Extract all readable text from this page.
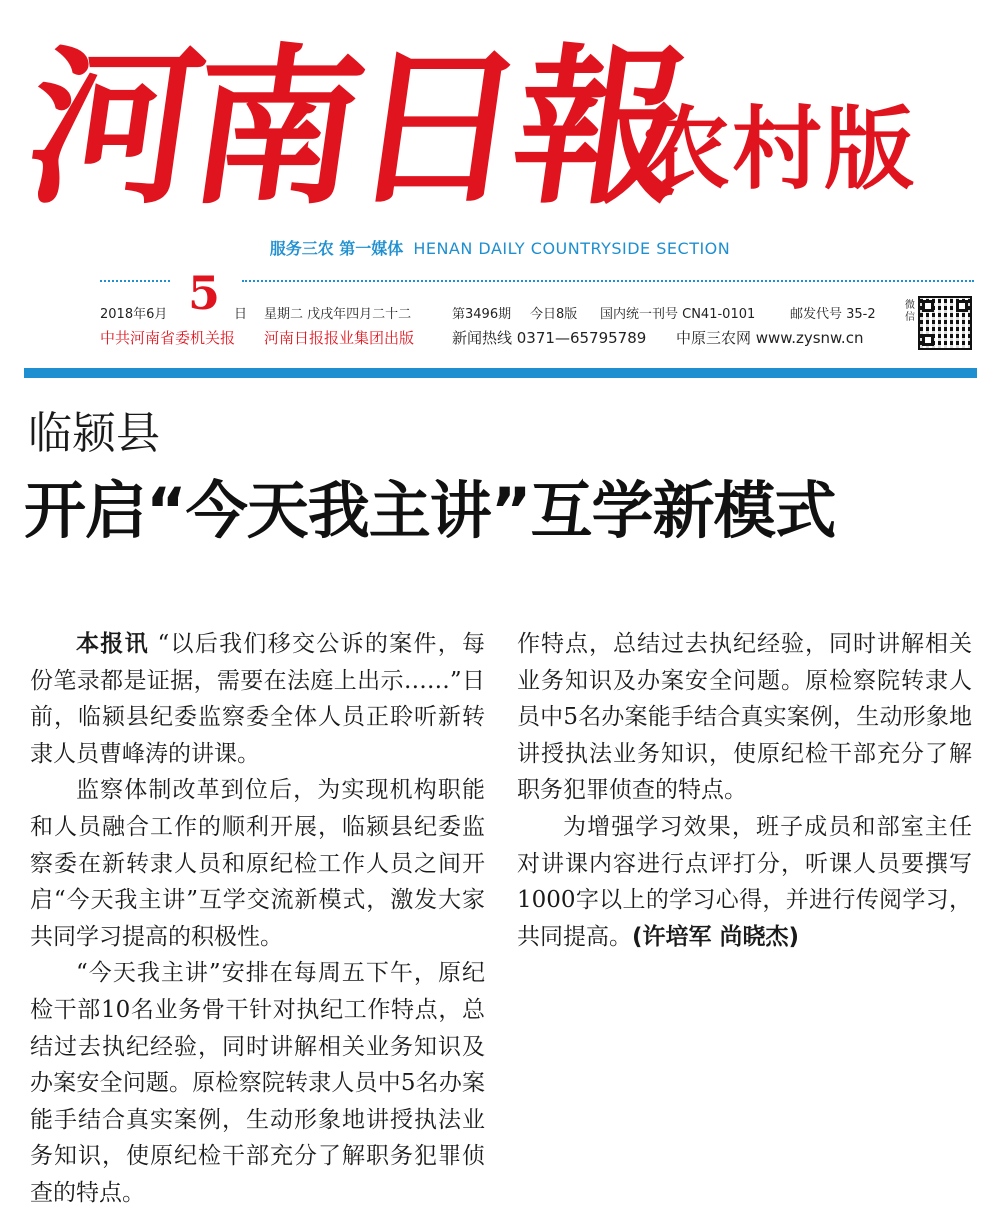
河南日報
农村版
服务三农 第一媒体 HENAN DAILY COUNTRYSIDE SECTION
2018年6月 5	日 星期二 戊戌年四月二十二	第3496期 今日8版 国内统一刊号 CN41-0101	邮发代号 35-2
中共河南省委机关报 河南日报报业集团出版	新闻热线 0371—65795789 中原三农网 www.zysnw.cn
微信
临颍县
开启“今天我主讲”互学新模式

本报讯 “以后我们移交公诉的案件，每份笔录都是证据，需要在法庭上出示……”日前，临颍县纪委监察委全体人员正聆听新转隶人员曹峰涛的讲课。

监察体制改革到位后，为实现机构职能和人员融合工作的顺利开展，临颍县纪委监察委在新转隶人员和原纪检工作人员之间开启“今天我主讲”互学交流新模式，激发大家共同学习提高的积极性。

“今天我主讲”安排在每周五下午，原纪检干部10名业务骨干针对执纪工作特点，总结过去执纪经验，同时讲解相关业务知识及办案安全问题。原检察院转隶人员中5名办案能手结合真实案例，生动形象地讲授执法业务知识，使原纪检干部充分了解职务犯罪侦查的特点。

作特点，总结过去执纪经验，同时讲解相关业务知识及办案安全问题。原检察院转隶人员中5名办案能手结合真实案例，生动形象地讲授执法业务知识，使原纪检干部充分了解职务犯罪侦查的特点。

为增强学习效果，班子成员和部室主任对讲课内容进行点评打分，听课人员要撰写1000字以上的学习心得，并进行传阅学习，共同提高。(许培军 尚晓杰)
